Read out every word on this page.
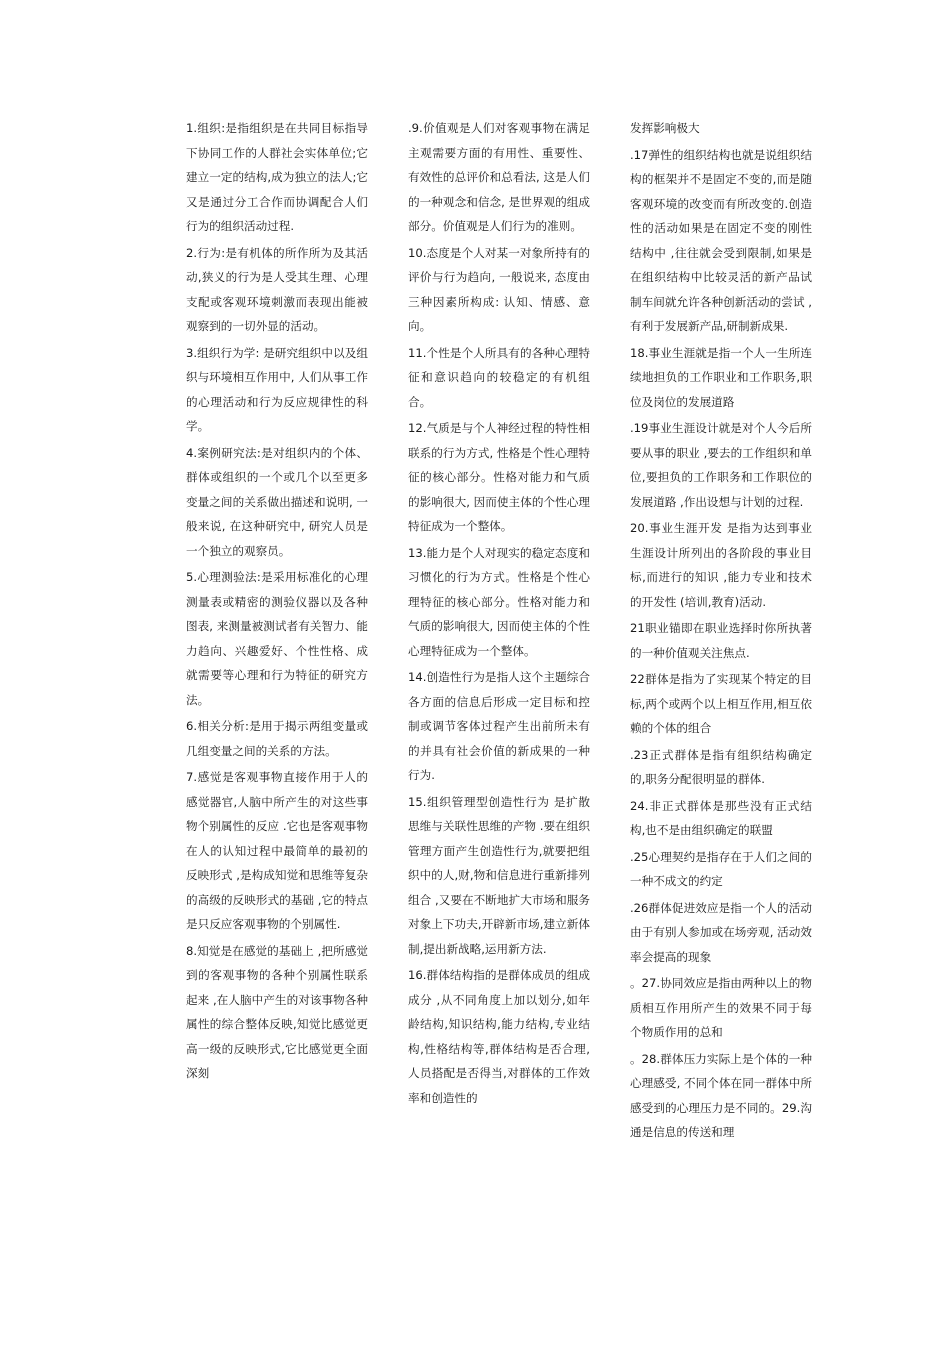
1.组织:是指组织是在共同目标指导下协同工作的人群社会实体单位;它建立一定的结构,成为独立的法人;它又是通过分工合作而协调配合人们行为的组织活动过程.

2.行为:是有机体的所作所为及其活动,狭义的行为是人受其生理、心理支配或客观环境刺激而表现出能被观察到的一切外显的活动。

3.组织行为学: 是研究组织中以及组织与环境相互作用中, 人们从事工作的心理活动和行为反应规律性的科学。

4.案例研究法:是对组织内的个体、群体或组织的一个或几个以至更多变量之间的关系做出描述和说明, 一般来说, 在这种研究中, 研究人员是一个独立的观察员。

5.心理测验法:是采用标准化的心理测量表或精密的测验仪器以及各种图表, 来测量被测试者有关智力、能力趋向、兴趣爱好、个性性格、成就需要等心理和行为特征的研究方法。

6.相关分析:是用于揭示两组变量或几组变量之间的关系的方法。

7.感觉是客观事物直接作用于人的感觉器官,人脑中所产生的对这些事物个别属性的反应 .它也是客观事物在人的认知过程中最简单的最初的反映形式 ,是构成知觉和思维等复杂的高级的反映形式的基础 ,它的特点是只反应客观事物的个别属性.

8.知觉是在感觉的基础上 ,把所感觉到的客观事物的各种个别属性联系起来 ,在人脑中产生的对该事物各种属性的综合整体反映,知觉比感觉更高一级的反映形式,它比感觉更全面深刻

.9.价值观是人们对客观事物在满足主观需要方面的有用性、重要性、有效性的总评价和总看法, 这是人们的一种观念和信念, 是世界观的组成部分。价值观是人们行为的准则。

10.态度是个人对某一对象所持有的评价与行为趋向, 一般说来, 态度由三种因素所构成: 认知、情感、意向。

11.个性是个人所具有的各种心理特征和意识趋向的较稳定的有机组合。

12.气质是与个人神经过程的特性相联系的行为方式, 性格是个性心理特征的核心部分。性格对能力和气质的影响很大, 因而使主体的个性心理特征成为一个整体。

13.能力是个人对现实的稳定态度和习惯化的行为方式。性格是个性心理特征的核心部分。性格对能力和气质的影响很大, 因而使主体的个性心理特征成为一个整体。

14.创造性行为是指人这个主题综合各方面的信息后形成一定目标和控制或调节客体过程产生出前所未有的并具有社会价值的新成果的一种行为.

15.组织管理型创造性行为 是扩散思维与关联性思维的产物 .要在组织管理方面产生创造性行为,就要把组织中的人,财,物和信息进行重新排列组合 ,又要在不断地扩大市场和服务对象上下功夫,开辟新市场,建立新体制,提出新战略,运用新方法.

16.群体结构指的是群体成员的组成成分 ,从不同角度上加以划分,如年龄结构,知识结构,能力结构,专业结构,性格结构等,群体结构是否合理,人员搭配是否得当,对群体的工作效率和创造性的

发挥影响极大

.17弹性的组织结构也就是说组织结构的框架并不是固定不变的,而是随客观环境的改变而有所改变的.创造性的活动如果是在固定不变的刚性结构中 ,往往就会受到限制,如果是在组织结构中比较灵活的新产品试制车间就允许各种创新活动的尝试 ,有利于发展新产品,研制新成果.

18.事业生涯就是指一个人一生所连续地担负的工作职业和工作职务,职位及岗位的发展道路

.19事业生涯设计就是对个人今后所要从事的职业 ,要去的工作组织和单位,要担负的工作职务和工作职位的发展道路 ,作出设想与计划的过程.

20.事业生涯开发 是指为达到事业生涯设计所列出的各阶段的事业目标,而进行的知识 ,能力专业和技术的开发性 (培训,教育)活动.

21职业锚即在职业选择时你所执著的一种价值观关注焦点.

22群体是指为了实现某个特定的目标,两个或两个以上相互作用,相互依赖的个体的组合

.23正式群体是指有组织结构确定的,职务分配很明显的群体.

24.非正式群体是那些没有正式结构,也不是由组织确定的联盟

.25心理契约是指存在于人们之间的一种不成文的约定

.26群体促进效应是指一个人的活动由于有别人参加或在场旁观, 活动效率会提高的现象

。27.协同效应是指由两种以上的物质相互作用所产生的效果不同于每个物质作用的总和

。28.群体压力实际上是个体的一种心理感受, 不同个体在同一群体中所感受到的心理压力是不同的。29.沟通是信息的传送和理
